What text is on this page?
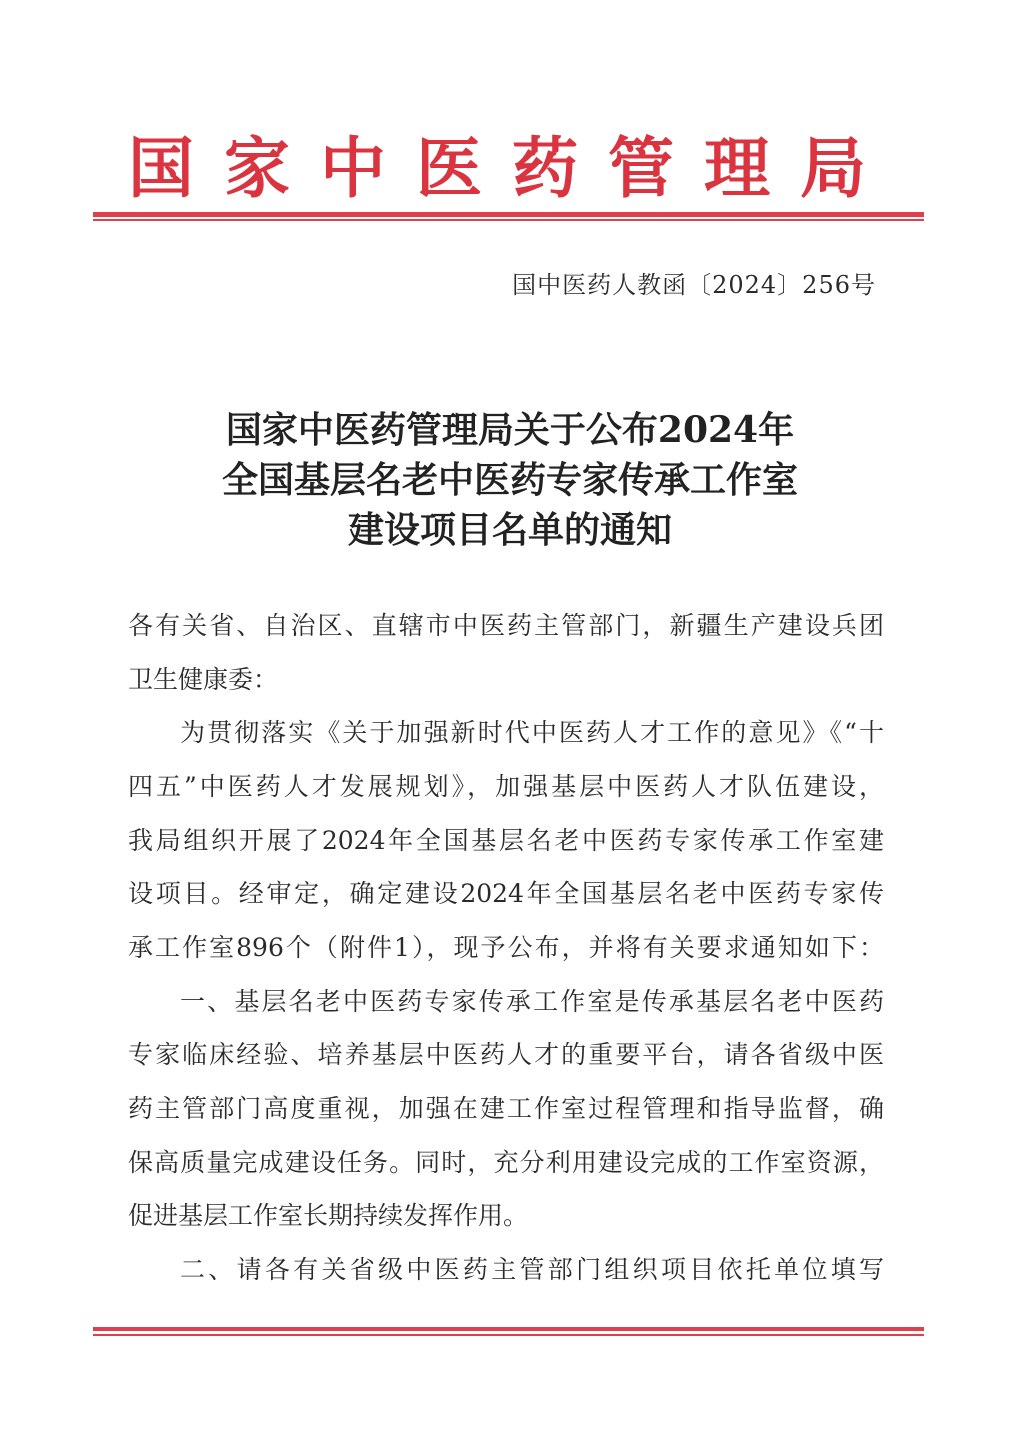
国家中医药管理局
国中医药人教函〔2024〕256号
国家中医药管理局关于公布2024年
全国基层名老中医药专家传承工作室
建设项目名单的通知
各有关省、自治区、直辖市中医药主管部门，新疆生产建设兵团
卫生健康委：
为贯彻落实《关于加强新时代中医药人才工作的意见》《“十
四五”中医药人才发展规划》，加强基层中医药人才队伍建设，
我局组织开展了2024年全国基层名老中医药专家传承工作室建
设项目。经审定，确定建设2024年全国基层名老中医药专家传
承工作室896个（附件1），现予公布，并将有关要求通知如下：
一、基层名老中医药专家传承工作室是传承基层名老中医药
专家临床经验、培养基层中医药人才的重要平台，请各省级中医
药主管部门高度重视，加强在建工作室过程管理和指导监督，确
保高质量完成建设任务。同时，充分利用建设完成的工作室资源，
促进基层工作室长期持续发挥作用。
二、请各有关省级中医药主管部门组织项目依托单位填写
